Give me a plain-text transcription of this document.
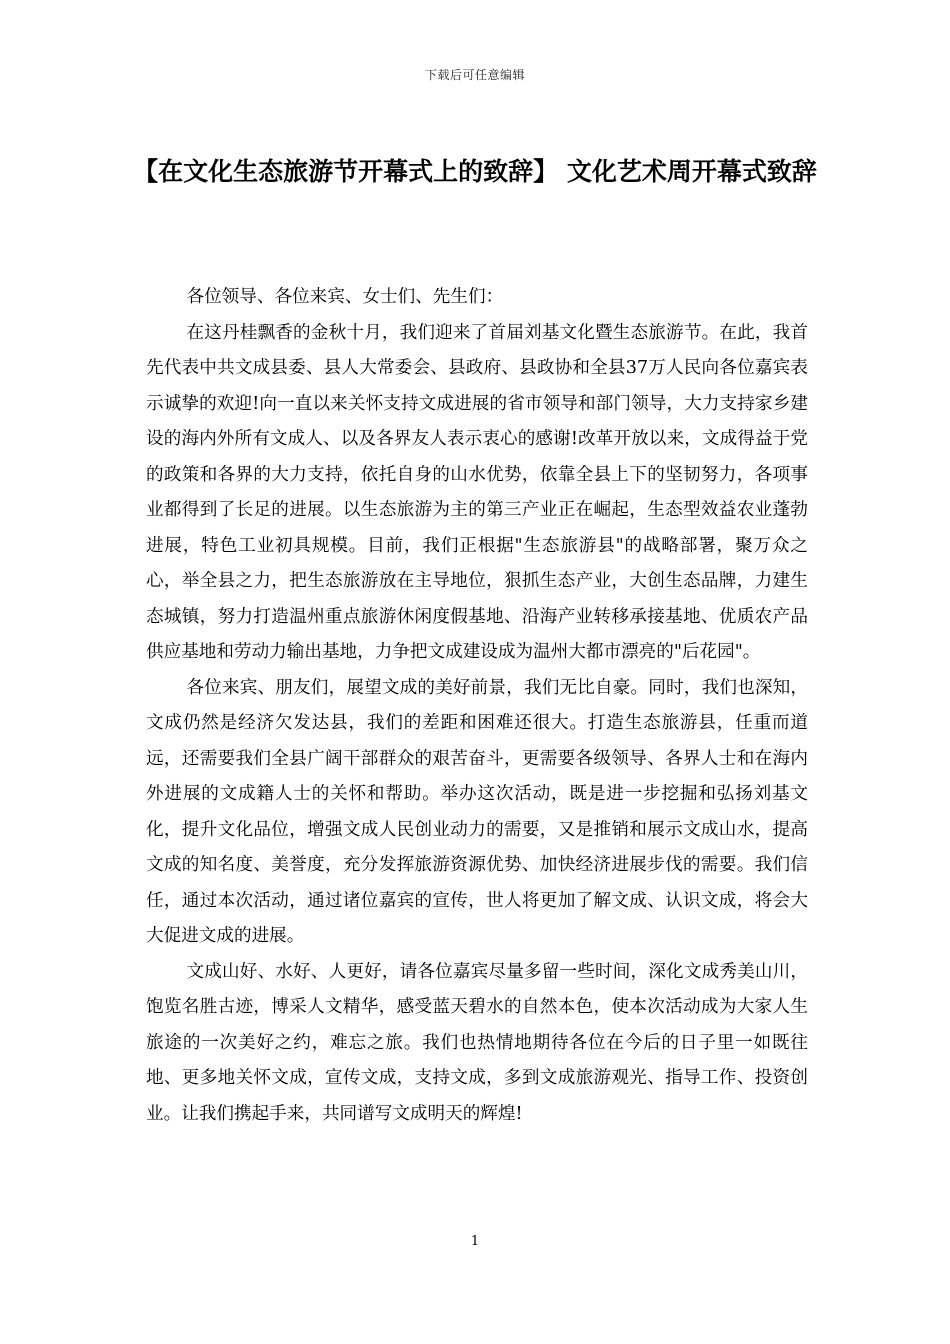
下载后可任意编辑
【在文化生态旅游节开幕式上的致辞】 文化艺术周开幕式致辞

各位领导、各位来宾、女士们、先生们：

在这丹桂飘香的金秋十月，我们迎来了首届刘基文化暨生态旅游节。在此，我首先代表中共文成县委、县人大常委会、县政府、县政协和全县37万人民向各位嘉宾表示诚挚的欢迎!向一直以来关怀支持文成进展的省市领导和部门领导，大力支持家乡建设的海内外所有文成人、以及各界友人表示衷心的感谢!改革开放以来，文成得益于党的政策和各界的大力支持，依托自身的山水优势，依靠全县上下的坚韧努力，各项事业都得到了长足的进展。以生态旅游为主的第三产业正在崛起，生态型效益农业蓬勃进展，特色工业初具规模。目前，我们正根据"生态旅游县"的战略部署，聚万众之心，举全县之力，把生态旅游放在主导地位，狠抓生态产业，大创生态品牌，力建生态城镇，努力打造温州重点旅游休闲度假基地、沿海产业转移承接基地、优质农产品供应基地和劳动力输出基地，力争把文成建设成为温州大都市漂亮的"后花园"。

各位来宾、朋友们，展望文成的美好前景，我们无比自豪。同时，我们也深知，文成仍然是经济欠发达县，我们的差距和困难还很大。打造生态旅游县，任重而道远，还需要我们全县广阔干部群众的艰苦奋斗，更需要各级领导、各界人士和在海内外进展的文成籍人士的关怀和帮助。举办这次活动，既是进一步挖掘和弘扬刘基文化，提升文化品位，增强文成人民创业动力的需要，又是推销和展示文成山水，提高文成的知名度、美誉度，充分发挥旅游资源优势、加快经济进展步伐的需要。我们信任，通过本次活动，通过诸位嘉宾的宣传，世人将更加了解文成、认识文成，将会大大促进文成的进展。

文成山好、水好、人更好，请各位嘉宾尽量多留一些时间，深化文成秀美山川，饱览名胜古迹，博采人文精华，感受蓝天碧水的自然本色，使本次活动成为大家人生旅途的一次美好之约，难忘之旅。我们也热情地期待各位在今后的日子里一如既往地、更多地关怀文成，宣传文成，支持文成，多到文成旅游观光、指导工作、投资创业。让我们携起手来，共同谱写文成明天的辉煌!

1
